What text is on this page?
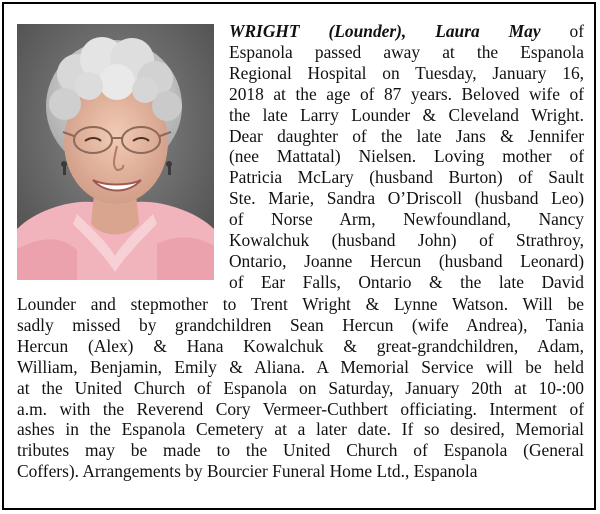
WRIGHT (Lounder), Laura May of
Espanola passed away at the Espanola
Regional Hospital on Tuesday, January 16,
2018 at the age of 87 years. Beloved wife of
the late Larry Lounder & Cleveland Wright.
Dear daughter of the late Jans & Jennifer
(nee Mattatal) Nielsen. Loving mother of
Patricia McLary (husband Burton) of Sault
Ste. Marie, Sandra O’Driscoll (husband Leo)
of Norse Arm, Newfoundland, Nancy
Kowalchuk (husband John) of Strathroy,
Ontario, Joanne Hercun (husband Leonard)
of Ear Falls, Ontario & the late David
Lounder and stepmother to Trent Wright & Lynne Watson. Will be
sadly missed by grandchildren Sean Hercun (wife Andrea), Tania
Hercun (Alex) & Hana Kowalchuk & great-grandchildren, Adam,
William, Benjamin, Emily & Aliana. A Memorial Service will be held
at the United Church of Espanola on Saturday, January 20th at 10-:00
a.m. with the Reverend Cory Vermeer-Cuthbert officiating. Interment of
ashes in the Espanola Cemetery at a later date. If so desired, Memorial
tributes may be made to the United Church of Espanola (General
Coffers). Arrangements by Bourcier Funeral Home Ltd., Espanola
